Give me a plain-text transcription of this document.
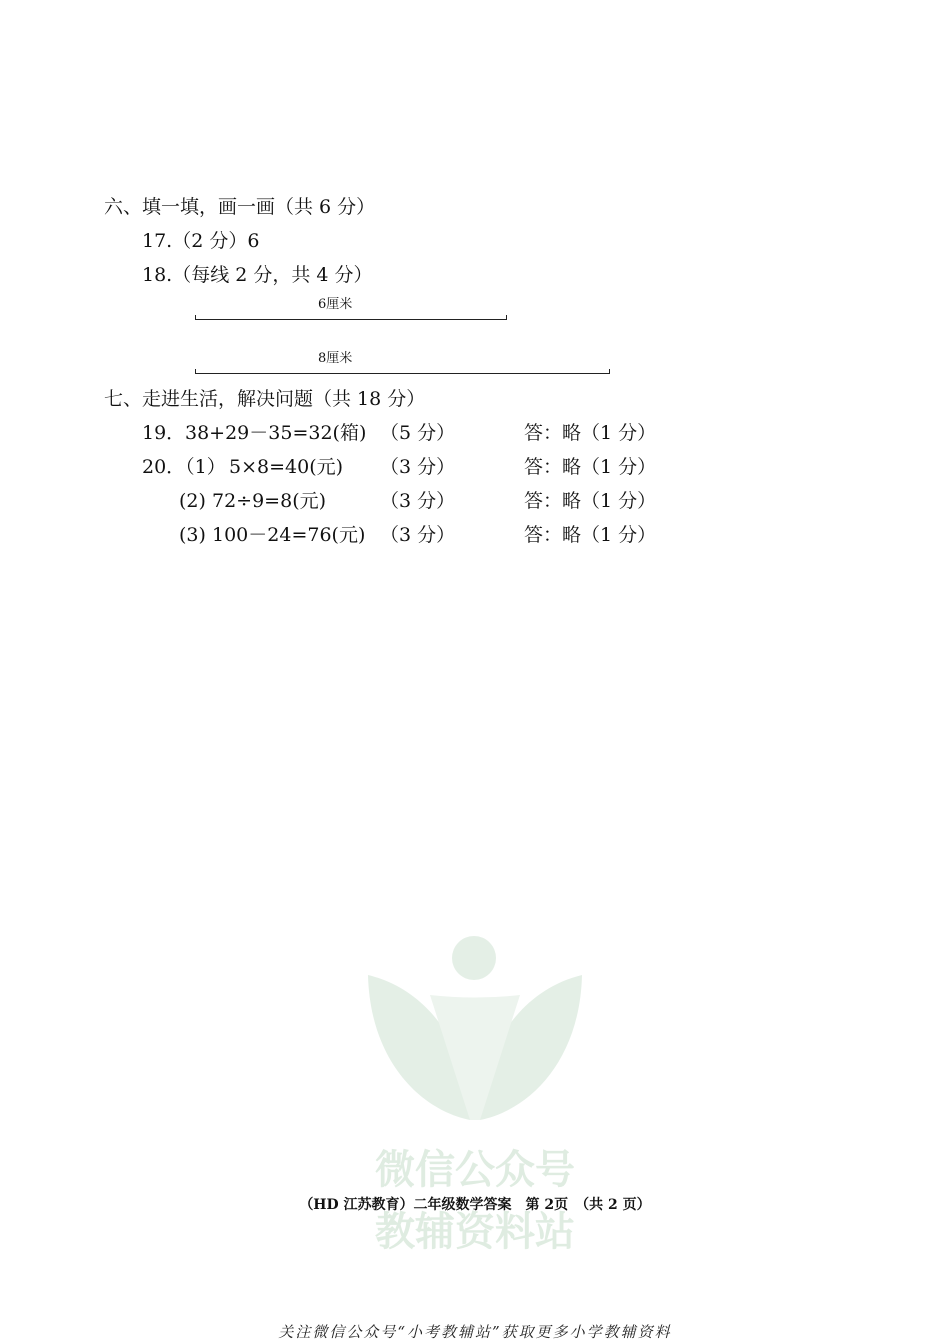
微信公众号
教辅资料站
六、填一填，画一画（共 6 分）
17.（2 分）6
18.（每线 2 分，共 4 分）
6厘米
8厘米
七、走进生活，解决问题（共 18 分）
19． 38+29－35=32(箱) （5 分）	答：略（1 分）
20．（1） 5×8=40(元) （3 分）	答：略（1 分）
(2) 72÷9=8(元)	（3 分）	答：略（1 分）
(3) 100－24=76(元) （3 分）	答：略（1 分）
（HD 江苏教育）二年级数学答案　第 2页　（共 2 页）
关注微信公众号“小考教辅站”获取更多小学教辅资料
